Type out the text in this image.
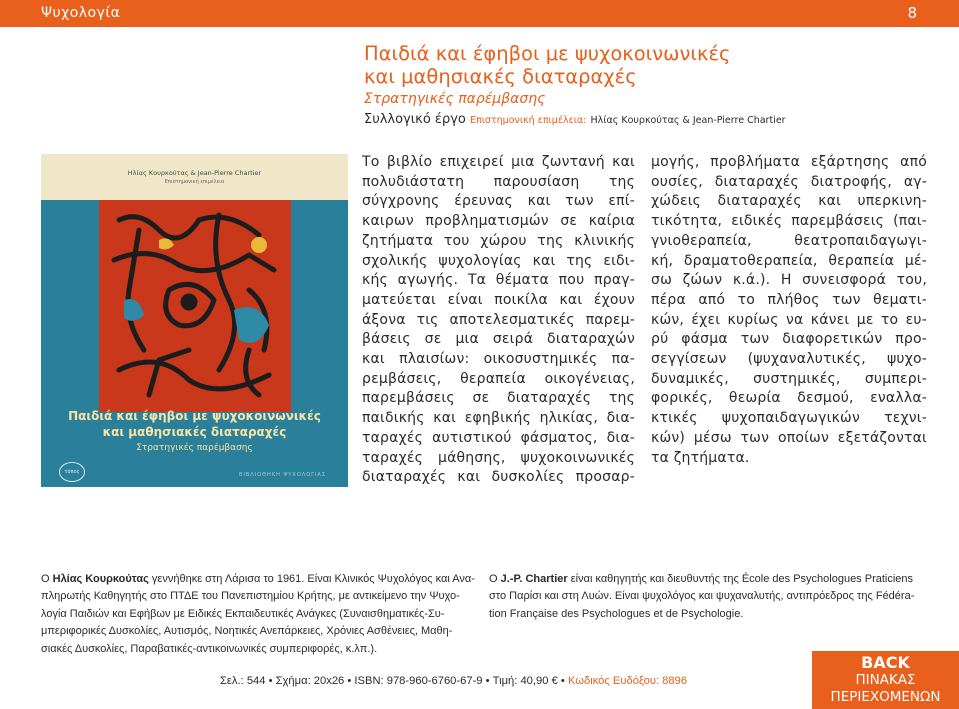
Ψυχολογία	8
Παιδιά και έφηβοι με ψυχοκοινωνικές
και μαθησιακές διαταραχές
Στρατηγικές παρέμβασης
Συλλογικό έργο Επιστημονική επιμέλεια: Ηλίας Κουρκούτας & Jean-Pierre Chartier
Ηλίας Κουρκούτας & Jean-Pierre Chartier
Επιστημονική επιμέλεια
Παιδιά και έφηβοι με ψυχοκοινωνικές
και μαθησιακές διαταραχές
Στρατηγικές παρέμβασης
τόπος	ΒΙΒΛΙΟΘΗΚΗ ΨΥΧΟΛΟΓΙΑΣ
Το βιβλίο επιχειρεί μια ζωντανή και
πολυδιάστατη παρουσίαση της
σύγχρονης έρευνας και των επί-
καιρων προβληματισμών σε καίρια
ζητήματα του χώρου της κλινικής
σχολικής ψυχολογίας και της ειδι-
κής αγωγής. Τα θέματα που πραγ-
ματεύεται είναι ποικίλα και έχουν
άξονα τις αποτελεσματικές παρεμ-
βάσεις σε μια σειρά διαταραχών
και πλαισίων: οικοσυστημικές πα-
ρεμβάσεις, θεραπεία οικογένειας,
παρεμβάσεις σε διαταραχές της
παιδικής και εφηβικής ηλικίας, δια-
ταραχές αυτιστικού φάσματος, δια-
ταραχές μάθησης, ψυχοκοινωνικές
διαταραχές και δυσκολίες προσαρ-
μογής, προβλήματα εξάρτησης από
ουσίες, διαταραχές διατροφής, αγ-
χώδεις διαταραχές και υπερκινη-
τικότητα, ειδικές παρεμβάσεις (παι-
γνιοθεραπεία, θεατροπαιδαγωγι-
κή, δραματοθεραπεία, θεραπεία μέ-
σω ζώων κ.ά.). Η συνεισφορά του,
πέρα από το πλήθος των θεματι-
κών, έχει κυρίως να κάνει με το ευ-
ρύ φάσμα των διαφορετικών προ-
σεγγίσεων (ψυχαναλυτικές, ψυχο-
δυναμικές, συστημικές, συμπερι-
φορικές, θεωρία δεσμού, εναλλα-
κτικές ψυχοπαιδαγωγικών τεχνι-
κών) μέσω των οποίων εξετάζονται
τα ζητήματα.
Ο Ηλίας Κουρκούτας γεννήθηκε στη Λάρισα το 1961. Είναι Κλινικός Ψυχολόγος και Ανα-
πληρωτής Καθηγητής στο ΠΤΔΕ του Πανεπιστημίου Κρήτης, με αντικείμενο την Ψυχο-
λογία Παιδιών και Εφήβων με Ειδικές Εκπαιδευτικές Ανάγκες (Συναισθηματικές-Συ-
μπεριφορικές Δυσκολίες, Αυτισμός, Νοητικές Ανεπάρκειες, Χρόνιες Ασθένειες, Μαθη-
σιακές Δυσκολίες, Παραβατικές-αντικοινωνικές συμπεριφορές, κ.λπ.).
Ο J.-P. Chartier είναι καθηγητής και διευθυντής της École des Psychologues Praticiens
στο Παρίσι και στη Λυών. Είναι ψυχολόγος και ψυχαναλυτής, αντιπρόεδρος της Fédéra-
tion Française des Psychologues et de Psychologie.
Σελ.: 544 • Σχήμα: 20x26 • ISBN: 978-960-6760-67-9 • Τιμή: 40,90 € • Κωδικός Ευδόξου: 8896
BACK
ΠΙΝΑΚΑΣ
ΠΕΡΙΕΧΟΜΕΝΩΝ
